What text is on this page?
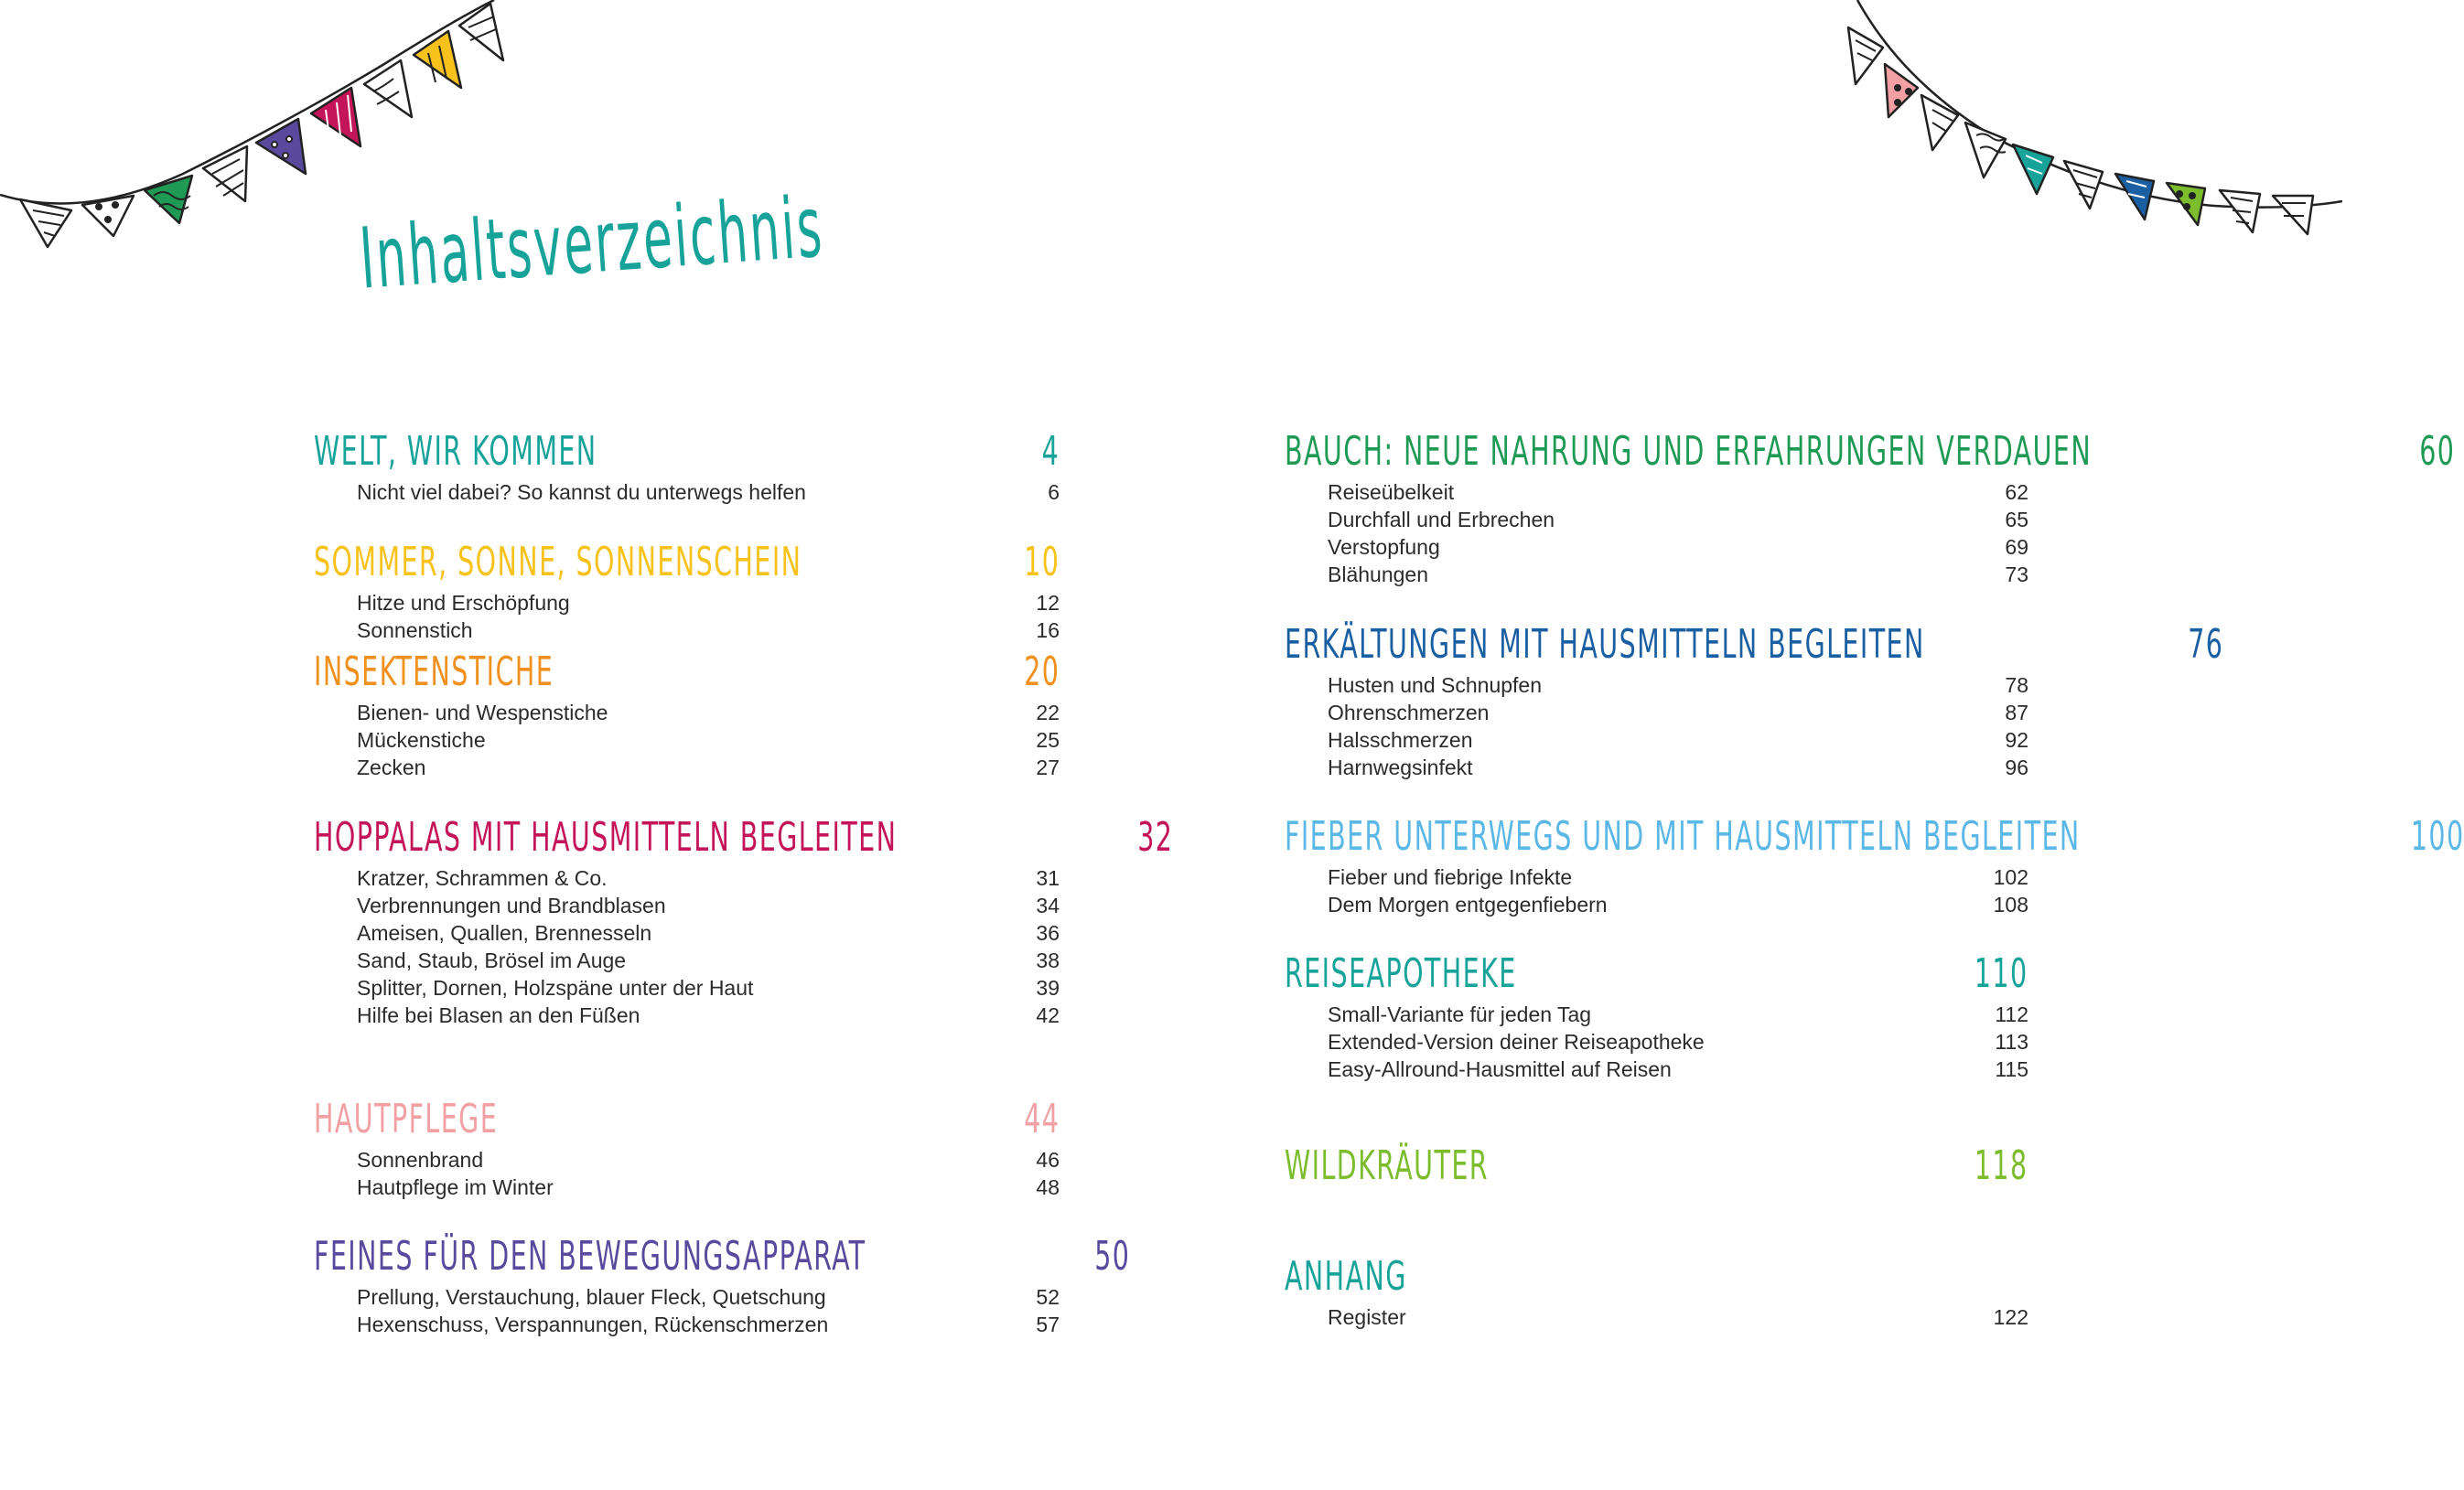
Inhaltsverzeichnis
WELT, WIR KOMMEN	4
Nicht viel dabei? So kannst du unterwegs helfen	6
SOMMER, SONNE, SONNENSCHEIN	10
Hitze und Erschöpfung	12
Sonnenstich	16
INSEKTENSTICHE	20
Bienen- und Wespenstiche	22
Mückenstiche	25
Zecken	27
HOPPALAS MIT HAUSMITTELN BEGLEITEN	32
Kratzer, Schrammen & Co.	31
Verbrennungen und Brandblasen	34
Ameisen, Quallen, Brennesseln	36
Sand, Staub, Brösel im Auge	38
Splitter, Dornen, Holzspäne unter der Haut	39
Hilfe bei Blasen an den Füßen	42
HAUTPFLEGE	44
Sonnenbrand	46
Hautpflege im Winter	48
FEINES FÜR DEN BEWEGUNGSAPPARAT	50
Prellung, Verstauchung, blauer Fleck, Quetschung	52
Hexenschuss, Verspannungen, Rückenschmerzen	57
BAUCH: NEUE NAHRUNG UND ERFAHRUNGEN VERDAUEN	60
Reiseübelkeit	62
Durchfall und Erbrechen	65
Verstopfung	69
Blähungen	73
ERKÄLTUNGEN MIT HAUSMITTELN BEGLEITEN	76
Husten und Schnupfen	78
Ohrenschmerzen	87
Halsschmerzen	92
Harnwegsinfekt	96
FIEBER UNTERWEGS UND MIT HAUSMITTELN BEGLEITEN	100
Fieber und fiebrige Infekte	102
Dem Morgen entgegenfiebern	108
REISEAPOTHEKE	110
Small-Variante für jeden Tag	112
Extended-Version deiner Reiseapotheke	113
Easy-Allround-Hausmittel auf Reisen	115
WILDKRÄUTER	118
ANHANG
Register	122
